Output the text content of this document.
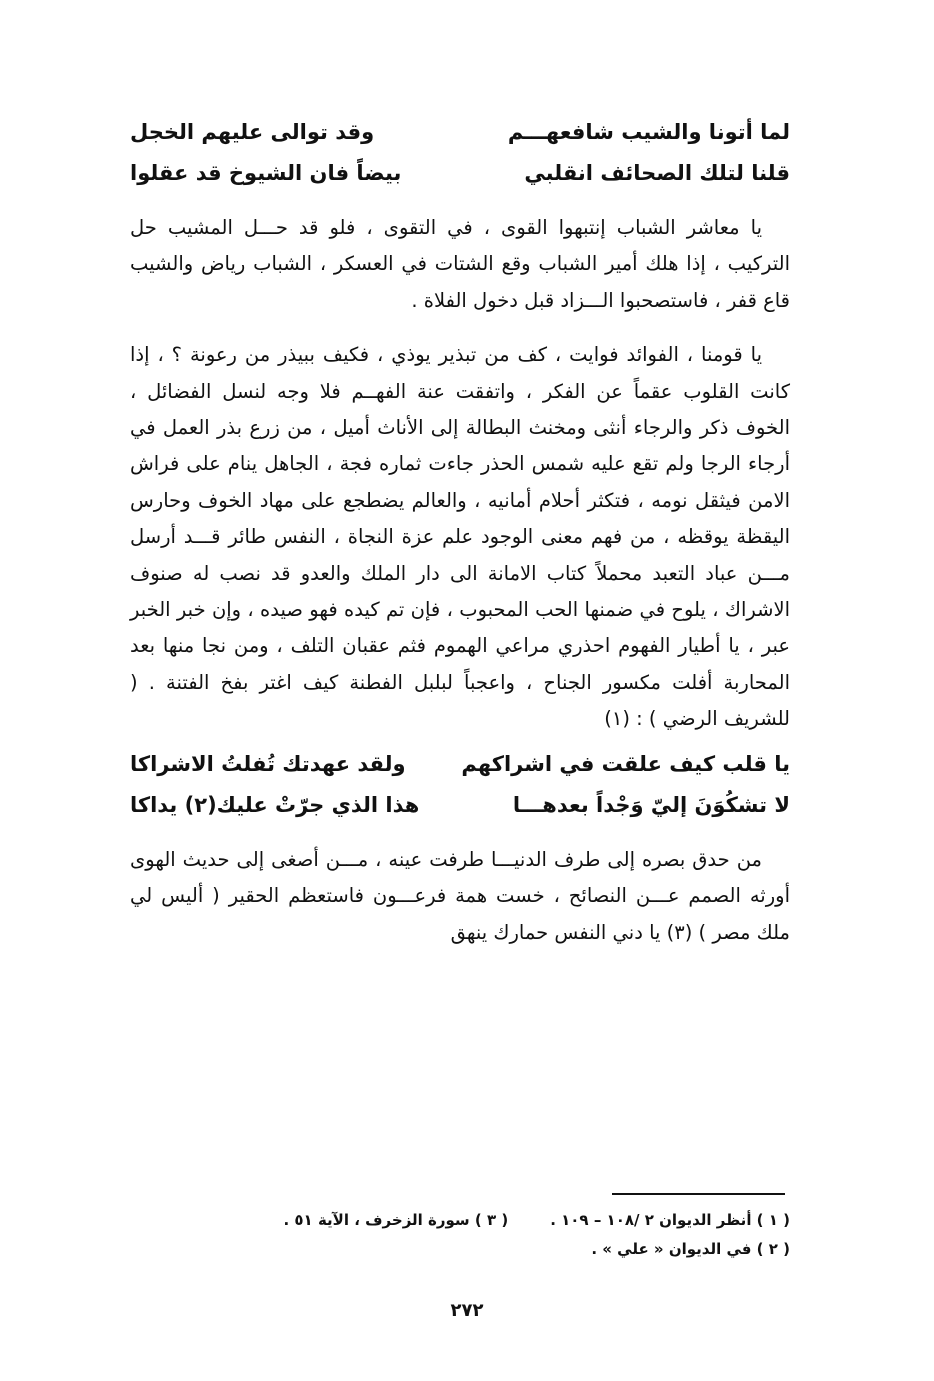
لما أتونا والشيب شافعهـــم
وقد توالى عليهم الخجل
قلنا لتلك الصحائف انقلبي
بيضاً فان الشيوخ قد عقلوا

يا معاشر الشباب إنتبهوا القوى ، في التقوى ، فلو قد حـــل المشيب حل التركيب ، إذا هلك أمير الشباب وقع الشتات في العسكر ، الشباب رياض والشيب قاع قفر ، فاستصحبوا الـــزاد قبل دخول الفلاة .

يا قومنا ، الفوائد فوايت ، كف من تبذير يوذي ، فكيف ببيذر من رعونة ؟ ، إذا كانت القلوب عقماً عن الفكر ، واتفقت عنة الفهــم فلا وجه لنسل الفضائل ، الخوف ذكر والرجاء أنثى ومخنث البطالة إلى الأناث أميل ، من زرع بذر العمل في أرجاء الرجا ولم تقع عليه شمس الحذر جاءت ثماره فجة ، الجاهل ينام على فراش الامن فيثقل نومه ، فتكثر أحلام أمانيه ، والعالم يضطجع على مهاد الخوف وحارس اليقظة يوقظه ، من فهم معنى الوجود علم عزة النجاة ، النفس طائر قـــد أرسل مـــن عباد التعبد محملاً كتاب الامانة الى دار الملك والعدو قد نصب له صنوف الاشراك ، يلوح في ضمنها الحب المحبوب ، فإن تم كيده فهو صيده ، وإن خبر الخبر عبر ، يا أطيار الفهوم احذري مراعي الهموم فثم عقبان التلف ، ومن نجا منها بعد المحاربة أفلت مكسور الجناح ، واعجباً لبلبل الفطنة كيف اغتر بفخ الفتنة . ( للشريف الرضي ) : (١)

يا قلب كيف علقت في اشراكهم
ولقد عهدتك تُفلتُ الاشراكا
لا تشكُوَنَ إليّ وَجْداً بعدهـــا
هذا الذي جرّتْ عليك(٢) يداكا

من حدق بصره إلى طرف الدنيـــا طرفت عينه ، مـــن أصغى إلى حديث الهوى أورثه الصمم عـــن النصائح ، خست همة فرعـــون فاستعظم الحقير ( أليس لي ملك مصر ) (٣) يا دني النفس حمارك ينهق

( ١ ) أنظر الديوان ٢ /١٠٨ – ١٠٩ .
( ٣ ) سورة الزخرف ، الآية ٥١ .
( ٢ ) في الديوان « علي » .
٢٧٢
